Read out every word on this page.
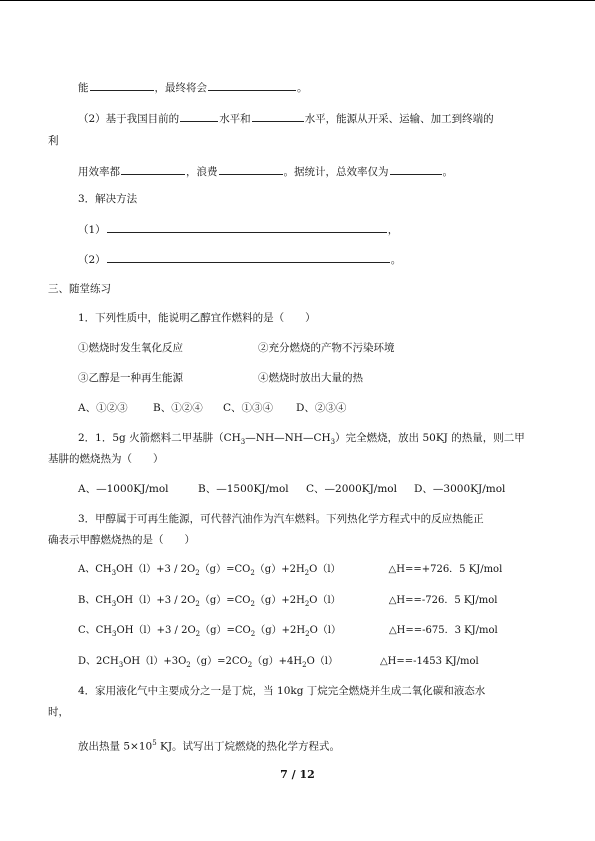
能	，最终将会	。
（2）基于我国目前的	水平和	水平，能源从开采、运输、加工到终端的
利
用效率都	，浪费	。据统计，总效率仅为	。
3．解决方法
（1）	，
（2）	。
三、随堂练习
1．下列性质中，能说明乙醇宜作燃料的是（　　）
①燃烧时发生氧化反应	②充分燃烧的产物不污染环境
③乙醇是一种再生能源	④燃烧时放出大量的热
A、①②③ B、①②④ C、①③④ D、②③④
2．1．5g 火箭燃料二甲基肼$(CH_3—NH—NH—CH_3)$完全燃烧，放出 50KJ 的热量，则二甲
基肼的燃烧热为（　　）
A、—1000KJ/mol	B、—1500KJ/mol C、—2000KJ/mol D、—3000KJ/mol
3．甲醇属于可再生能源，可代替汽油作为汽车燃料。下列热化学方程式中的反应热能正
确表示甲醇燃烧热的是（　　）
A、$CH_3OH(l)+3 / 2O_2(g)=CO_2(g)+2H_2O(l)$	△H==+726．5 KJ/mol
B、$CH_3OH(l)+3 / 2O_2(g)=CO_2(g)+2H_2O(l)$	△H==-726．5 KJ/mol
C、$CH_3OH(l)+3 / 2O_2(g)=CO_2(g)+2H_2O(l)$	△H==-675．3 KJ/mol
D、$2CH_3OH(l)+3O_2(g)=2CO_2(g)+4H_2O(l)$	△H==-1453 KJ/mol
4．家用液化气中主要成分之一是丁烷，当 10kg 丁烷完全燃烧并生成二氧化碳和液态水
时，
放出热量 $5\times 10^5$ KJ。试写出丁烷燃烧的热化学方程式。
7 / 12
